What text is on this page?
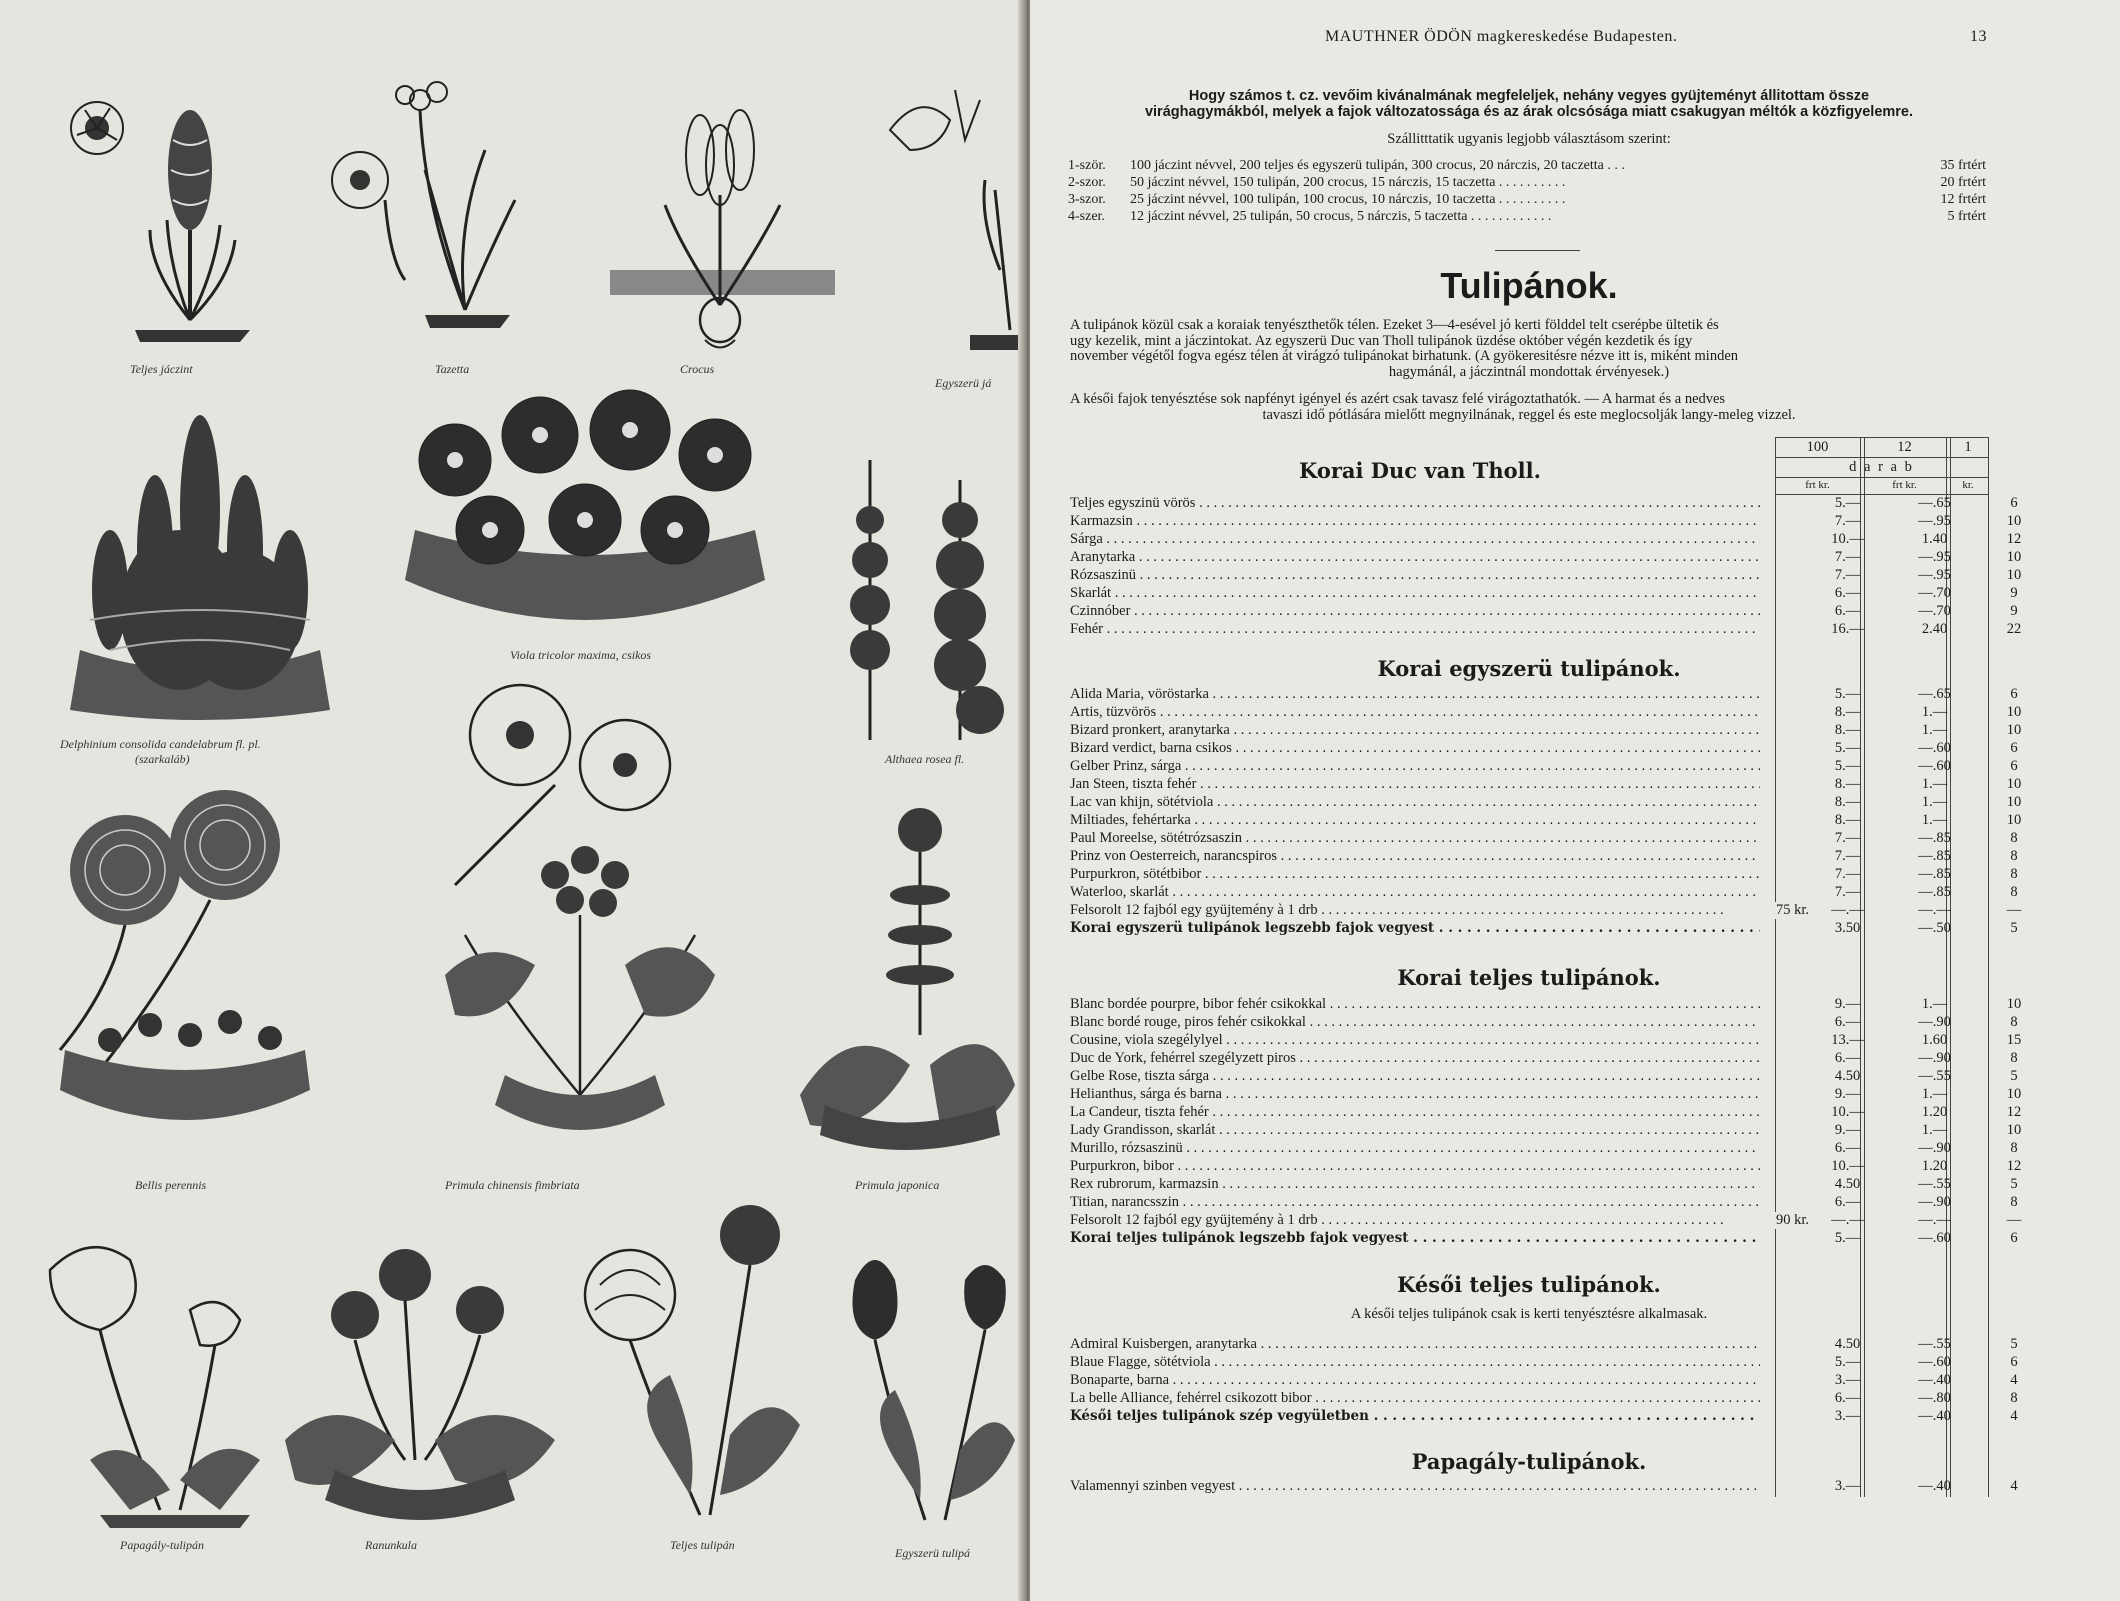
Teljes jáczint	Tazetta	Crocus
Egyszerü já
Delphinium consolida candelabrum fl. pl.
(szarkaláb)
Viola tricolor maxima, csikos
Althaea rosea fl.
Bellis perennis	Primula chinensis fimbriata	Primula japonica
Papagály-tulipán	Ranunkula	Teljes tulipán
Egyszerü tulipá
MAUTHNER ÖDÖN magkereskedése Budapesten.	13
Hogy számos t. cz. vevőim kivánalmának megfeleljek, nehány vegyes gyüjteményt állitottam össze
virághagymákból, melyek a fajok változatossága és az árak olcsósága miatt csakugyan méltók a közfigyelemre.
Szállitttatik ugyanis legjobb választásom szerint:
1-ször.	100 jáczint névvel, 200 teljes és egyszerü tulipán, 300 crocus, 20 nárczis, 20 taczetta . . .	35 frtért
2-szor.	50 jáczint névvel, 150 tulipán, 200 crocus, 15 nárczis, 15 taczetta . . . . . . . . . .	20 frtért
3-szor.	25 jáczint névvel, 100 tulipán, 100 crocus, 10 nárczis, 10 taczetta . . . . . . . . . .	12 frtért
4-szer.	12 jáczint névvel, 25 tulipán, 50 crocus, 5 nárczis, 5 taczetta . . . . . . . . . . . .	5 frtért
Tulipánok.
A tulipánok közül csak a koraiak tenyészthetők télen. Ezeket 3—4-esével jó kerti földdel telt cserépbe ültetik és
ugy kezelik, mint a jáczintokat. Az egyszerü Duc van Tholl tulipánok üzdése október végén kezdetik és így
november végétől fogva egész télen át virágzó tulipánokat birhatunk. (A gyökeresitésre nézve itt is, miként minden
hagymánál, a jáczintnál mondottak érvényesek.)
A késői fajok tenyésztése sok napfényt igényel és azért csak tavasz felé virágoztathatók. — A harmat és a nedves
tavaszi idő pótlására mielőtt megnyilnának, reggel és este meglocsolják langy-meleg vizzel.
100	12	1
d a r a b
frt kr.	frt kr.	kr.
Korai Duc van Tholl.
Teljes egyszinü vörös . . .	5.—	—.65	6
Karmazsin . . .	7.—	—.95	10
Sárga . . .	10.—	1.40	12
Aranytarka . . .	7.—	—.95	10
Rózsaszinü . . .	7.—	—.95	10
Skarlát . . .	6.—	—.70	9
Czinnóber . . .	6.—	—.70	9
Fehér . . .	16.—	2.40	22
Korai egyszerü tulipánok.
Alida Maria, vöröstarka . . .	5.—	—.65	6
Artis, tüzvörös . . .	8.—	1.—	10
Bizard pronkert, aranytarka . . .	8.—	1.—	10
Bizard verdict, barna csikos . . .	5.—	—.60	6
Gelber Prinz, sárga . . .	5.—	—.60	6
Jan Steen, tiszta fehér . . .	8.—	1.—	10
Lac van khijn, sötétviola . . .	8.—	1.—	10
Miltiades, fehértarka . . .	8.—	1.—	10
Paul Moreelse, sötétrózsaszin . . .	7.—	—.85	8
Prinz von Oesterreich, narancspiros . . .	7.—	—.85	8
Purpurkron, sötétbibor . . .	7.—	—.85	8
Waterloo, skarlát . . .	7.—	—.85	8
Felsorolt 12 fajból egy gyüjtemény à 1 drb . . .	75 kr.	—.—	—.—	—
Korai egyszerü tulipánok legszebb fajok vegyest . . .	3.50	—.50	5
Korai teljes tulipánok.
Blanc bordée pourpre, bibor fehér csikokkal . . .	9.—	1.—	10
Blanc bordé rouge, piros fehér csikokkal . . .	6.—	—.90	8
Cousine, viola szegélylyel . . .	13.—	1.60	15
Duc de York, fehérrel szegélyzett piros . . .	6.—	—.90	8
Gelbe Rose, tiszta sárga . . .	4.50	—.55	5
Helianthus, sárga és barna . . .	9.—	1.—	10
La Candeur, tiszta fehér . . .	10.—	1.20	12
Lady Grandisson, skarlát . . .	9.—	1.—	10
Murillo, rózsaszinü . . .	6.—	—.90	8
Purpurkron, bibor . . .	10.—	1.20	12
Rex rubrorum, karmazsin . . .	4.50	—.55	5
Titian, narancsszin . . .	6.—	—.90	8
Felsorolt 12 fajból egy gyüjtemény à 1 drb . . .	90 kr.	—.—	—.—	—
Korai teljes tulipánok legszebb fajok vegyest . . .	5.—	—.60	6
Késői teljes tulipánok.
A késői teljes tulipánok csak is kerti tenyésztésre alkalmasak.
Admiral Kuisbergen, aranytarka . . .	4.50	—.55	5
Blaue Flagge, sötétviola . . .	5.—	—.60	6
Bonaparte, barna . . .	3.—	—.40	4
La belle Alliance, fehérrel csikozott bibor . . .	6.—	—.80	8
Késői teljes tulipánok szép vegyületben . . .	3.—	—.40	4
Papagály-tulipánok.
Valamennyi szinben vegyest . . .	3.—	—.40	4
